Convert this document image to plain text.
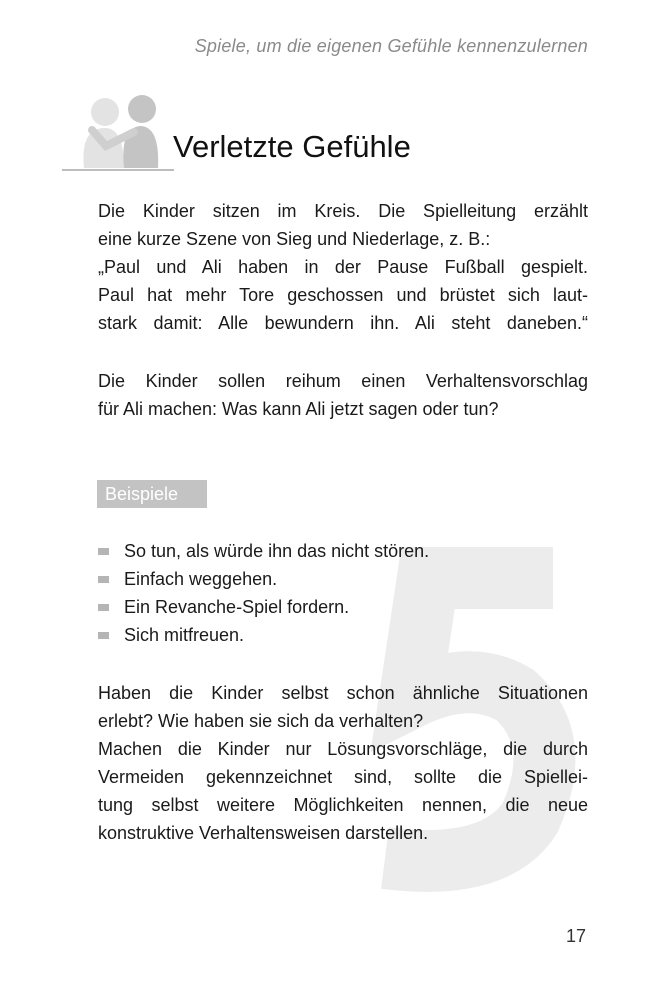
Spiele, um die eigenen Gefühle kennenzulernen
Verletzte Gefühle
Die Kinder sitzen im Kreis. Die Spielleitung erzählt
eine kurze Szene von Sieg und Niederlage, z. B.:
„Paul und Ali haben in der Pause Fußball gespielt.
Paul hat mehr Tore geschossen und brüstet sich laut-
stark damit: Alle bewundern ihn. Ali steht daneben.“
Die Kinder sollen reihum einen Verhaltensvorschlag
für Ali machen: Was kann Ali jetzt sagen oder tun?
Beispiele
So tun, als würde ihn das nicht stören.
Einfach weggehen.
Ein Revanche-Spiel fordern.
Sich mitfreuen.
Haben die Kinder selbst schon ähnliche Situationen
erlebt? Wie haben sie sich da verhalten?
Machen die Kinder nur Lösungsvorschläge, die durch
Vermeiden gekennzeichnet sind, sollte die Spiellei-
tung selbst weitere Möglichkeiten nennen, die neue
konstruktive Verhaltensweisen darstellen.
17
